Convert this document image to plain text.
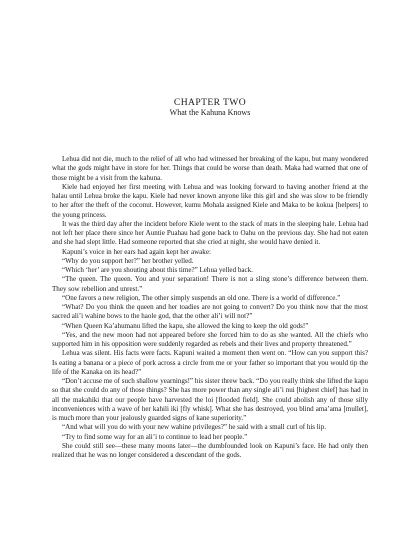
CHAPTER TWO

What the Kahuna Knows

Lehua did not die, much to the relief of all who had witnessed her breaking of the kapu, but many wondered what the gods might have in store for her. Things that could be worse than death. Maka had warned that one of those might be a visit from the kahuna.

Kiele had enjoyed her first meeting with Lehua and was looking forward to having another friend at the halau until Lehua broke the kapu. Kiele had never known anyone like this girl and she was slow to be friendly to her after the theft of the coconut. However, kumu Mohala assigned Kiele and Maka to be kokua [helpers] to the young princess.

It was the third day after the incident before Kiele went to the stack of mats in the sleeping hale. Lehua had not left her place there since her Auntie Puahau had gone back to Oahu on the previous day. She had not eaten and she had slept little. Had someone reported that she cried at night, she would have denied it.

Kapuni’s voice in her ears had again kept her awake:

“Why do you support her?” her brother yelled.

“Which ‘her’ are you shouting about this time?” Lehua yelled back.

“The queen. The queen. You and your separation! There is not a sling stone’s difference between them. They sow rebellion and unrest.”

“One favors a new religion, The other simply suspends an old one. There is a world of difference.”

“What? Do you think the queen and her toadies are not going to convert? Do you think now that the most sacred ali’i wahine bows to the haole god, that the other ali’i will not?”

“When Queen Ka’ahumanu lifted the kapu, she allowed the king to keep the old gods!”

“Yes, and the new moon had not appeared before she forced him to do as she wanted. All the chiefs who supported him in his opposition were suddenly regarded as rebels and their lives and property threatened.”

Lehua was silent. His facts were facts. Kapuni waited a moment then went on. “How can you support this? Is eating a banana or a piece of pork across a circle from me or your father so important that you would tip the life of the Kanaka on its head?”

“Don’t accuse me of such shallow yearnings!” his sister threw back. “Do you really think she lifted the kapu so that she could do any of those things? She has more power than any single ali’i nui [highest chief] has had in all the makahiki that our people have harvested the loi [flooded field]. She could abolish any of those silly inconveniences with a wave of her kahili iki [fly whisk]. What she has destroyed, you blind ama’ama [mullet], is much more than your jealously guarded signs of kane superiority.”

“And what will you do with your new wahine privileges?” he said with a small curl of his lip.

“Try to find some way for an ali’i to continue to lead her people.”

She could still see—these many moons later—the dumbfounded look on Kapuni’s face. He had only then realized that he was no longer considered a descendant of the gods.
